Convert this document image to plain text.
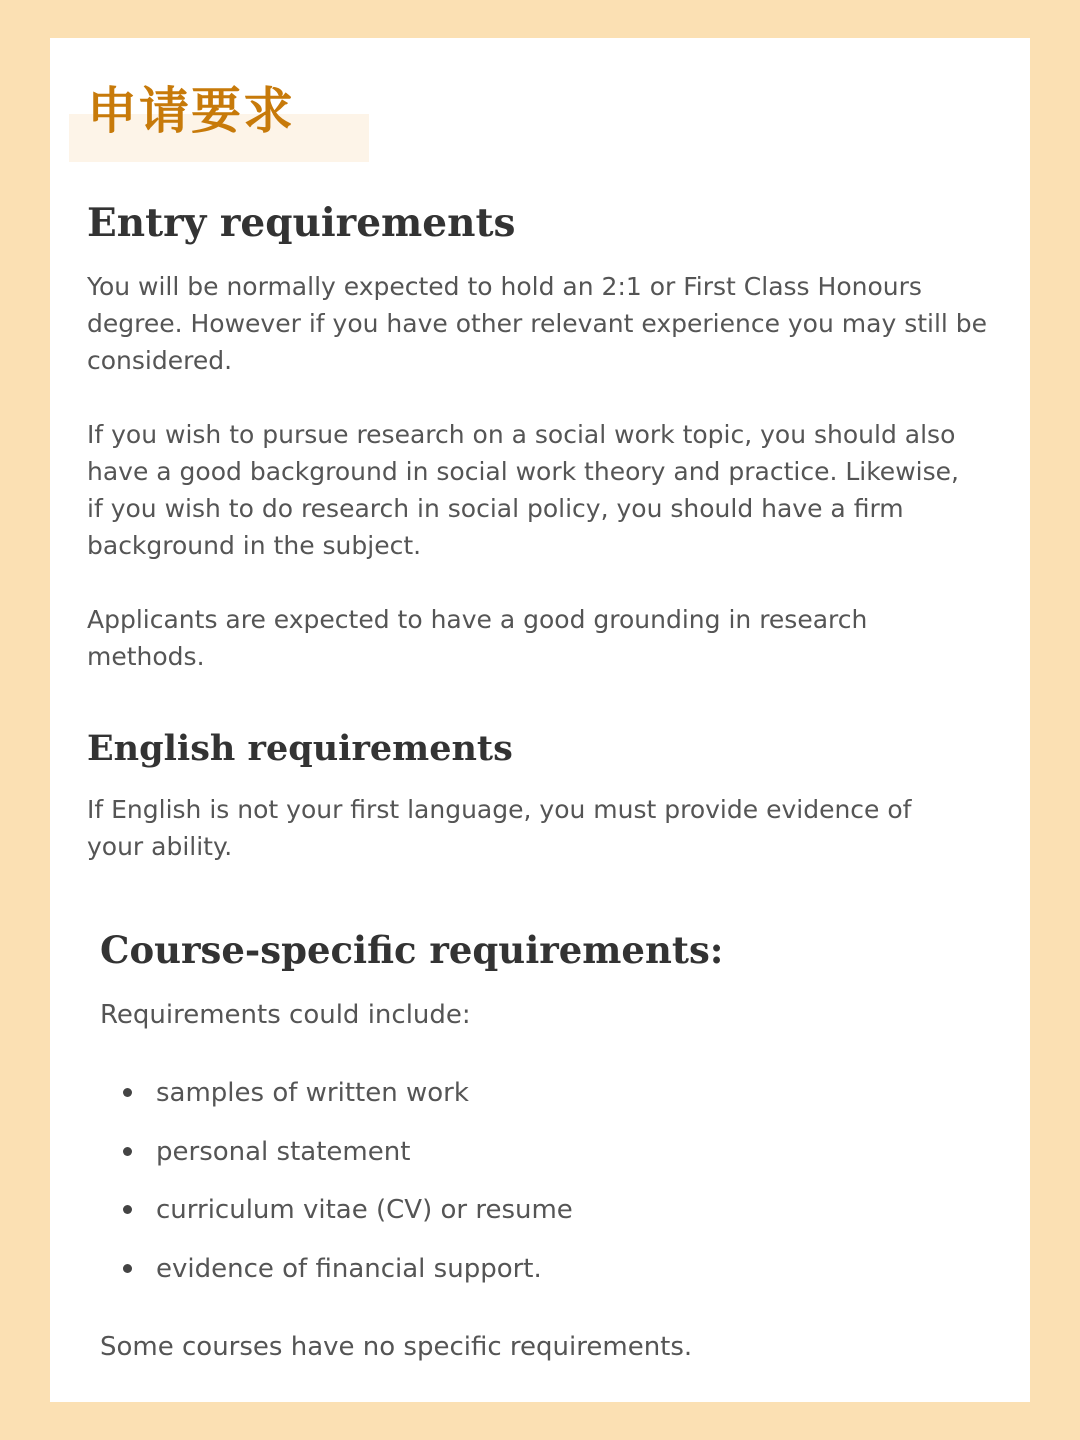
申请要求
Entry requirements

You will be normally expected to hold an 2:1 or First Class Honours degree. However if you have other relevant experience you may still be considered.

If you wish to pursue research on a social work topic, you should also have a good background in social work theory and practice. Likewise, if you wish to do research in social policy, you should have a firm background in the subject.

Applicants are expected to have a good grounding in research methods.

English requirements

If English is not your first language, you must provide evidence of your ability.

Course-specific requirements:

Requirements could include:

samples of written work
personal statement
curriculum vitae (CV) or resume
evidence of financial support.

Some courses have no specific requirements.
